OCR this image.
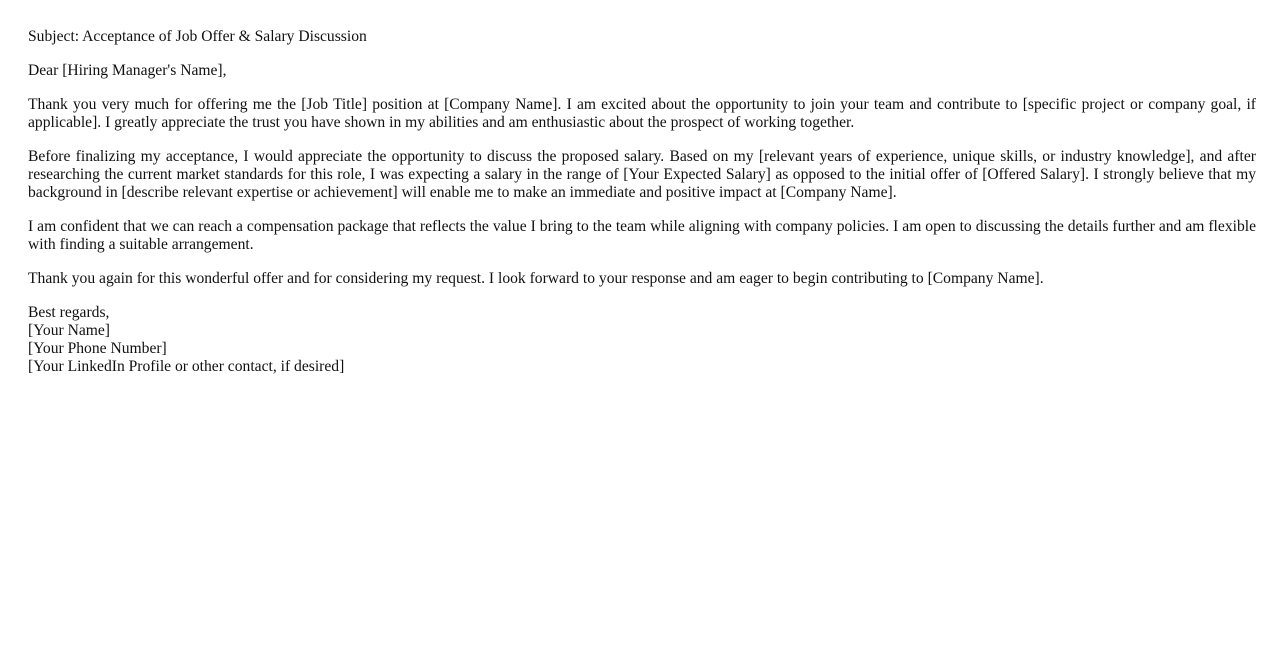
Subject: Acceptance of Job Offer & Salary Discussion

Dear [Hiring Manager's Name],

Thank you very much for offering me the [Job Title] position at [Company Name]. I am excited about the opportunity to join your team and contribute to [specific project or company goal, if applicable]. I greatly appreciate the trust you have shown in my abilities and am enthusiastic about the prospect of working together.

Before finalizing my acceptance, I would appreciate the opportunity to discuss the proposed salary. Based on my [relevant years of experience, unique skills, or industry knowledge], and after researching the current market standards for this role, I was expecting a salary in the range of [Your Expected Salary] as opposed to the initial offer of [Offered Salary]. I strongly believe that my background in [describe relevant expertise or achievement] will enable me to make an immediate and positive impact at [Company Name].

I am confident that we can reach a compensation package that reflects the value I bring to the team while aligning with company policies. I am open to discussing the details further and am flexible with finding a suitable arrangement.

Thank you again for this wonderful offer and for considering my request. I look forward to your response and am eager to begin contributing to [Company Name].

Best regards,
[Your Name]
[Your Phone Number]
[Your LinkedIn Profile or other contact, if desired]
